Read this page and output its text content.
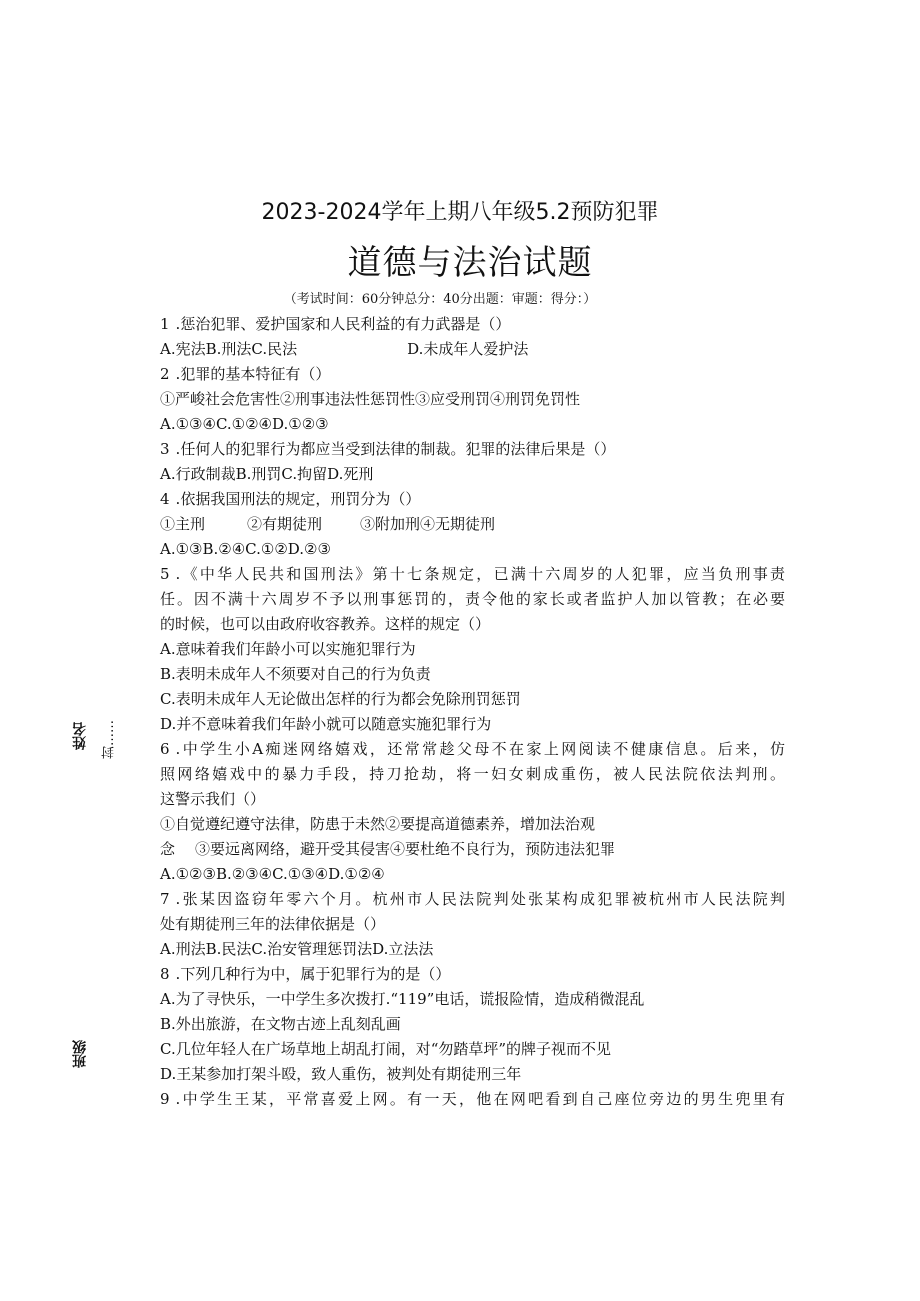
2023-2024学年上期八年级5.2预防犯罪
道德与法治试题
（考试时间：60分钟总分：40分出题：审题：得分：）
姓名 封……
班级
1 .惩治犯罪、爱护国家和人民利益的有力武器是（）
A.宪法B.刑法C.民法	D.未成年人爱护法
2 .犯罪的基本特征有（）
①严峻社会危害性②刑事违法性惩罚性③应受刑罚④刑罚免罚性
A.①③④C.①②④D.①②③
3 .任何人的犯罪行为都应当受到法律的制裁。犯罪的法律后果是（）
A.行政制裁B.刑罚C.拘留D.死刑
4 .依据我国刑法的规定，刑罚分为（）
①主刑	②有期徒刑	③附加刑④无期徒刑
A.①③B.②④C.①②D.②③
5 .《中华人民共和国刑法》第十七条规定，已满十六周岁的人犯罪，应当负刑事责
任。因不满十六周岁不予以刑事惩罚的，责令他的家长或者监护人加以管教；在必要
的时候，也可以由政府收容教养。这样的规定（）
A.意味着我们年龄小可以实施犯罪行为
B.表明未成年人不须要对自己的行为负责
C.表明未成年人无论做出怎样的行为都会免除刑罚惩罚
D.并不意味着我们年龄小就可以随意实施犯罪行为
6 .中学生小A痴迷网络嬉戏，还常常趁父母不在家上网阅读不健康信息。后来，仿
照网络嬉戏中的暴力手段，持刀抢劫，将一妇女刺成重伤，被人民法院依法判刑。
这警示我们（）
①自觉遵纪遵守法律，防患于未然②要提高道德素养，增加法治观
念 ③要远离网络，避开受其侵害④要杜绝不良行为，预防违法犯罪
A.①②③B.②③④C.①③④D.①②④
7 .张某因盗窃年零六个月。杭州市人民法院判处张某构成犯罪被杭州市人民法院判
处有期徒刑三年的法律依据是（）
A.刑法B.民法C.治安管理惩罚法D.立法法
8 .下列几种行为中，属于犯罪行为的是（）
A.为了寻快乐，一中学生多次拨打.“119”电话，谎报险情，造成稍微混乱
B.外出旅游，在文物古迹上乱刻乱画
C.几位年轻人在广场草地上胡乱打闹，对“勿踏草坪”的牌子视而不见
D.王某参加打架斗殴，致人重伤，被判处有期徒刑三年
9 .中学生王某，平常喜爱上网。有一天，他在网吧看到自己座位旁边的男生兜里有
